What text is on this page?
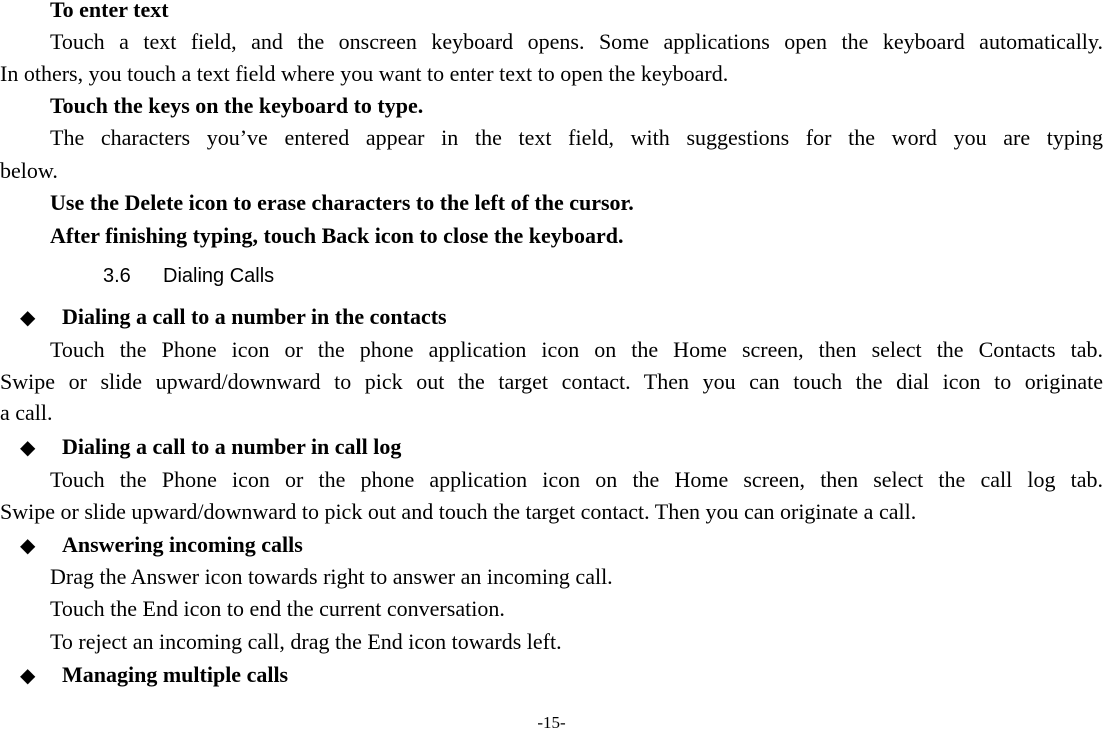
To enter text
Touch a text field, and the onscreen keyboard opens. Some applications open the keyboard automatically.
In others, you touch a text field where you want to enter text to open the keyboard.
Touch the keys on the keyboard to type.
The characters you’ve entered appear in the text field, with suggestions for the word you are typing
below.
Use the Delete icon to erase characters to the left of the cursor.
After finishing typing, touch Back icon to close the keyboard.
3.6 Dialing Calls
◆ Dialing a call to a number in the contacts
Touch the Phone icon or the phone application icon on the Home screen, then select the Contacts tab.
Swipe or slide upward/downward to pick out the target contact. Then you can touch the dial icon to originate
a call.
◆ Dialing a call to a number in call log
Touch the Phone icon or the phone application icon on the Home screen, then select the call log tab.
Swipe or slide upward/downward to pick out and touch the target contact. Then you can originate a call.
◆ Answering incoming calls
Drag the Answer icon towards right to answer an incoming call.
Touch the End icon to end the current conversation.
To reject an incoming call, drag the End icon towards left.
◆ Managing multiple calls
-15-
